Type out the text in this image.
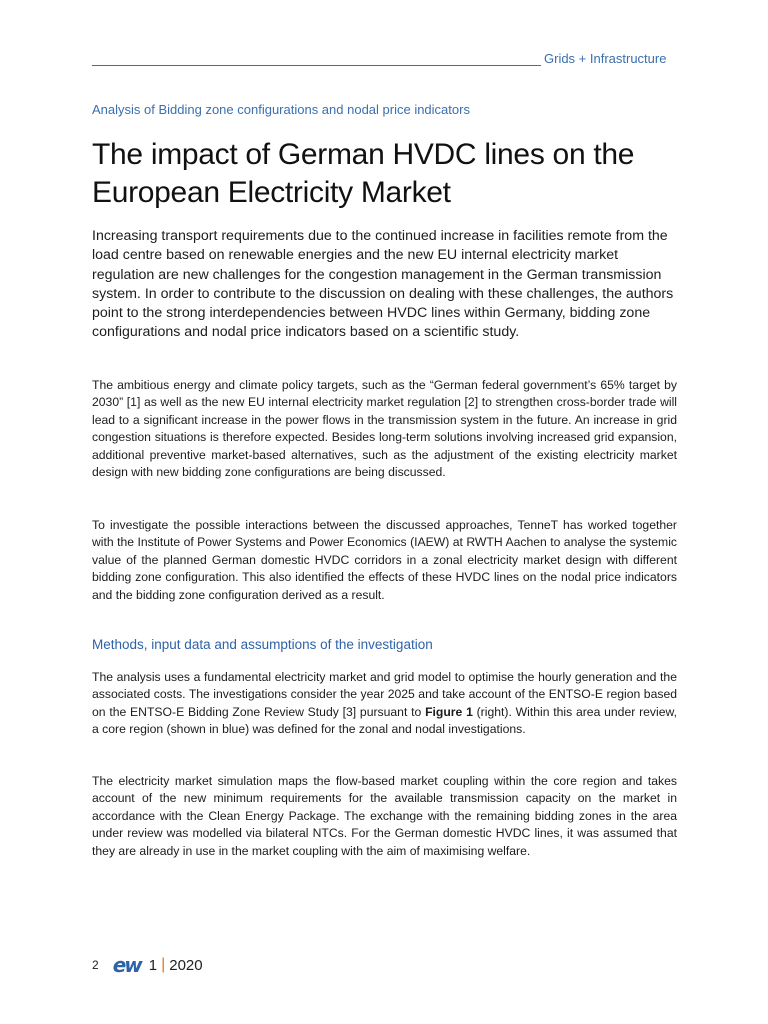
Grids + Infrastructure
Analysis of Bidding zone configurations and nodal price indicators
The impact of German HVDC lines on the European Electricity Market

Increasing transport requirements due to the continued increase in facilities remote from the load centre based on renewable energies and the new EU internal electricity market regulation are new challenges for the congestion management in the German transmission system. In order to contribute to the discussion on dealing with these challenges, the authors point to the strong interdependencies between HVDC lines within Germany, bidding zone configurations and nodal price indicators based on a scientific study.

The ambitious energy and climate policy targets, such as the “German federal government’s 65% target by 2030” [1] as well as the new EU internal electricity market regulation [2] to strengthen cross-border trade will lead to a significant increase in the power flows in the transmission system in the future. An increase in grid congestion situations is therefore expected. Besides long-term solutions involving increased grid expansion, additional preventive market-based alternatives, such as the adjustment of the existing electricity market design with new bidding zone configurations are being discussed.

To investigate the possible interactions between the discussed approaches, TenneT has worked together with the Institute of Power Systems and Power Economics (IAEW) at RWTH Aachen to analyse the systemic value of the planned German domestic HVDC corridors in a zonal electricity market design with different bidding zone configuration. This also identified the effects of these HVDC lines on the nodal price indicators and the bidding zone configuration derived as a result.

Methods, input data and assumptions of the investigation

The analysis uses a fundamental electricity market and grid model to optimise the hourly generation and the associated costs. The investigations consider the year 2025 and take account of the ENTSO-E region based on the ENTSO-E Bidding Zone Review Study [3] pursuant to Figure 1 (right). Within this area under review, a core region (shown in blue) was defined for the zonal and nodal investigations.

The electricity market simulation maps the flow-based market coupling within the core region and takes account of the new minimum requirements for the available transmission capacity on the market in accordance with the Clean Energy Package. The exchange with the remaining bidding zones in the area under review was modelled via bilateral NTCs. For the German domestic HVDC lines, it was assumed that they are already in use in the market coupling with the aim of maximising welfare.

2 ew 1 | 2020
